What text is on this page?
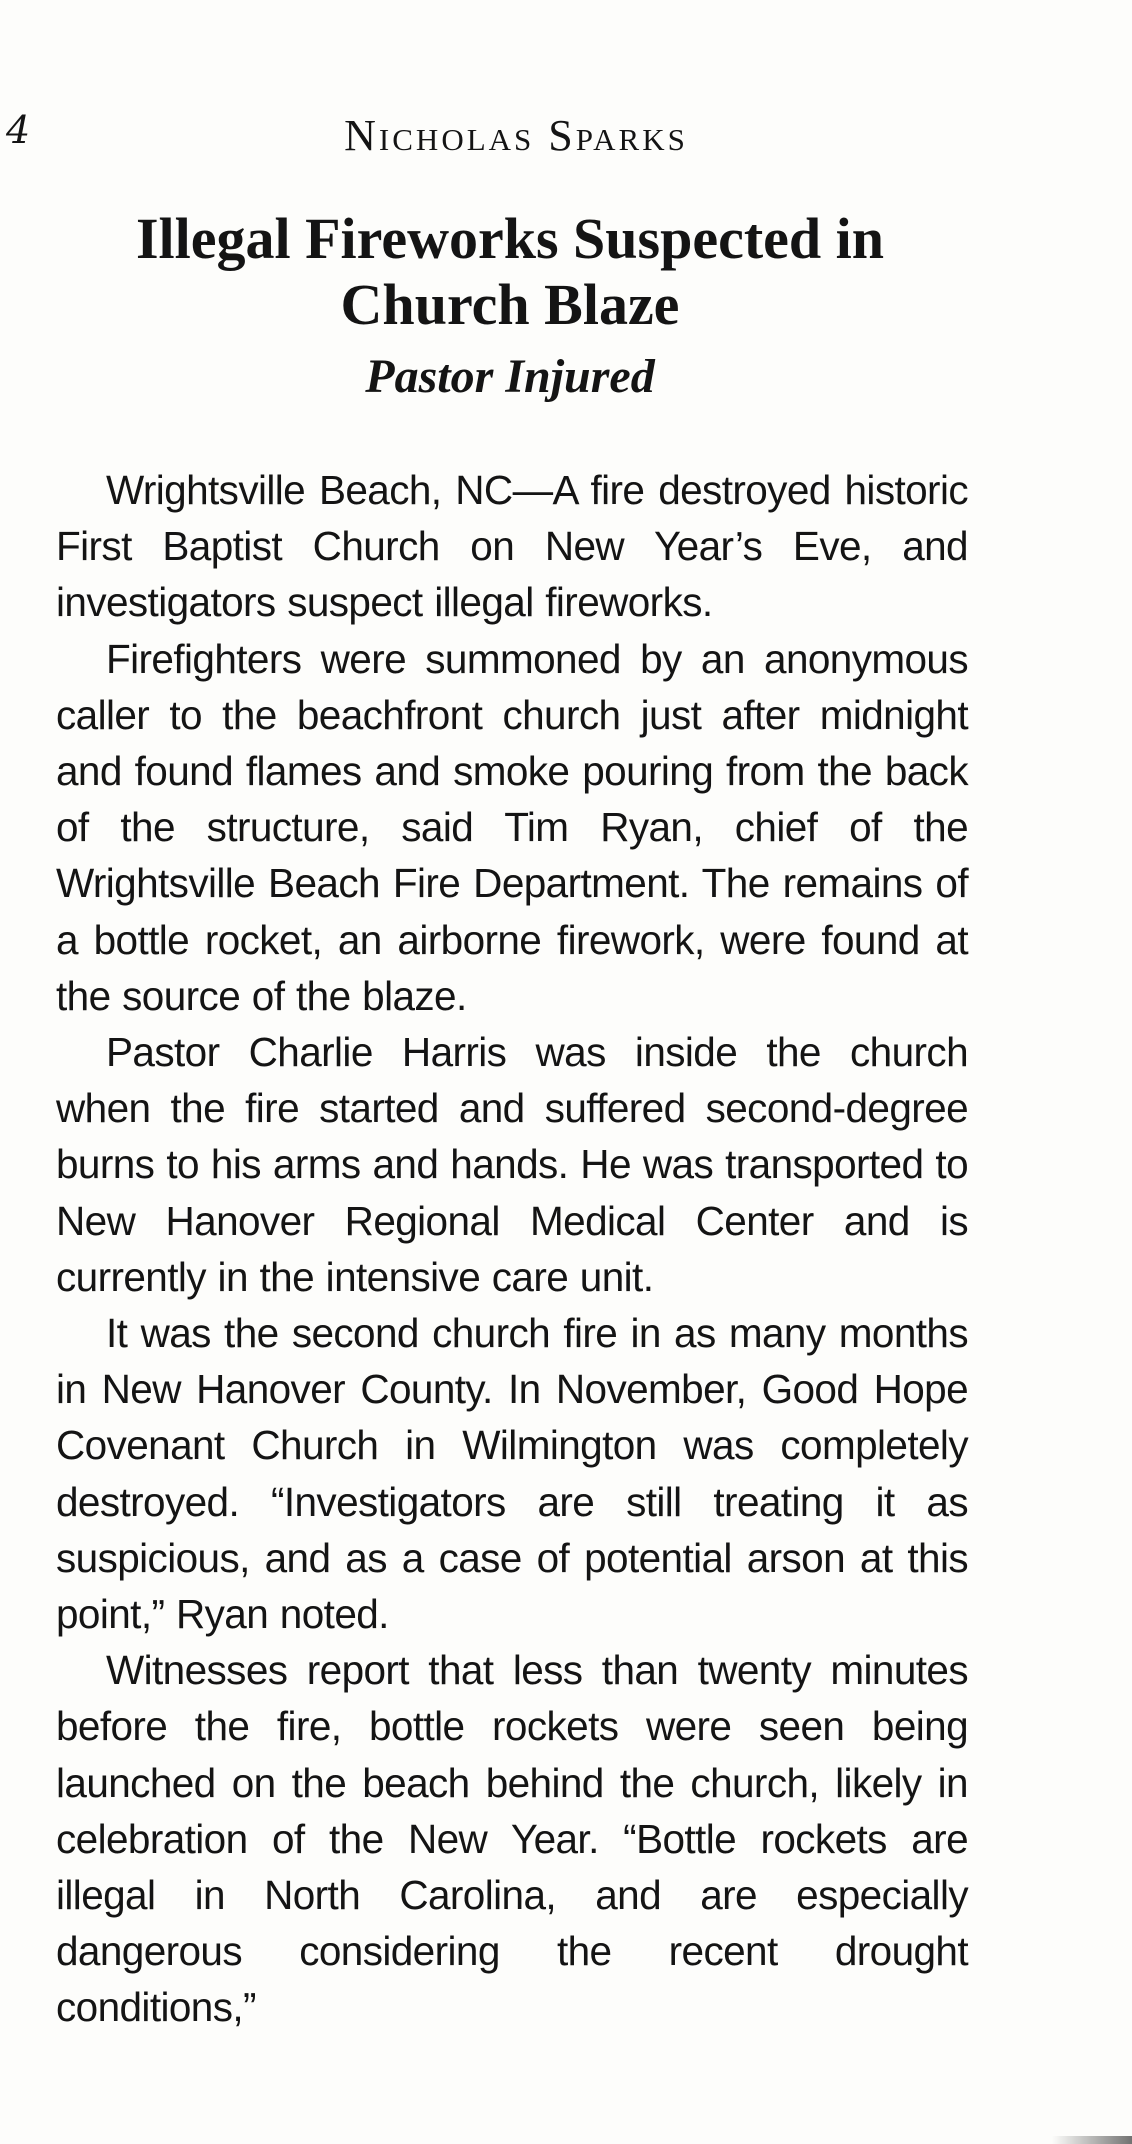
4	Nicholas Sparks
Illegal Fireworks Suspected in
Church Blaze
Pastor Injured

Wrightsville Beach, NC—A fire destroyed historic First Baptist Church on New Year’s Eve, and investigators suspect illegal fireworks.

Firefighters were summoned by an anonymous caller to the beachfront church just after midnight and found flames and smoke pouring from the back of the structure, said Tim Ryan, chief of the Wrightsville Beach Fire Department. The remains of a bottle rocket, an airborne firework, were found at the source of the blaze.

Pastor Charlie Harris was inside the church when the fire started and suffered second-degree burns to his arms and hands. He was transported to New Hanover Regional Medical Center and is currently in the intensive care unit.

It was the second church fire in as many months in New Hanover County. In November, Good Hope Covenant Church in Wilmington was completely destroyed. “Investigators are still treating it as suspicious, and as a case of potential arson at this point,” Ryan noted.

Witnesses report that less than twenty minutes before the fire, bottle rockets were seen being launched on the beach behind the church, likely in celebration of the New Year. “Bottle rockets are illegal in North Carolina, and are especially dangerous considering the recent drought conditions,”
